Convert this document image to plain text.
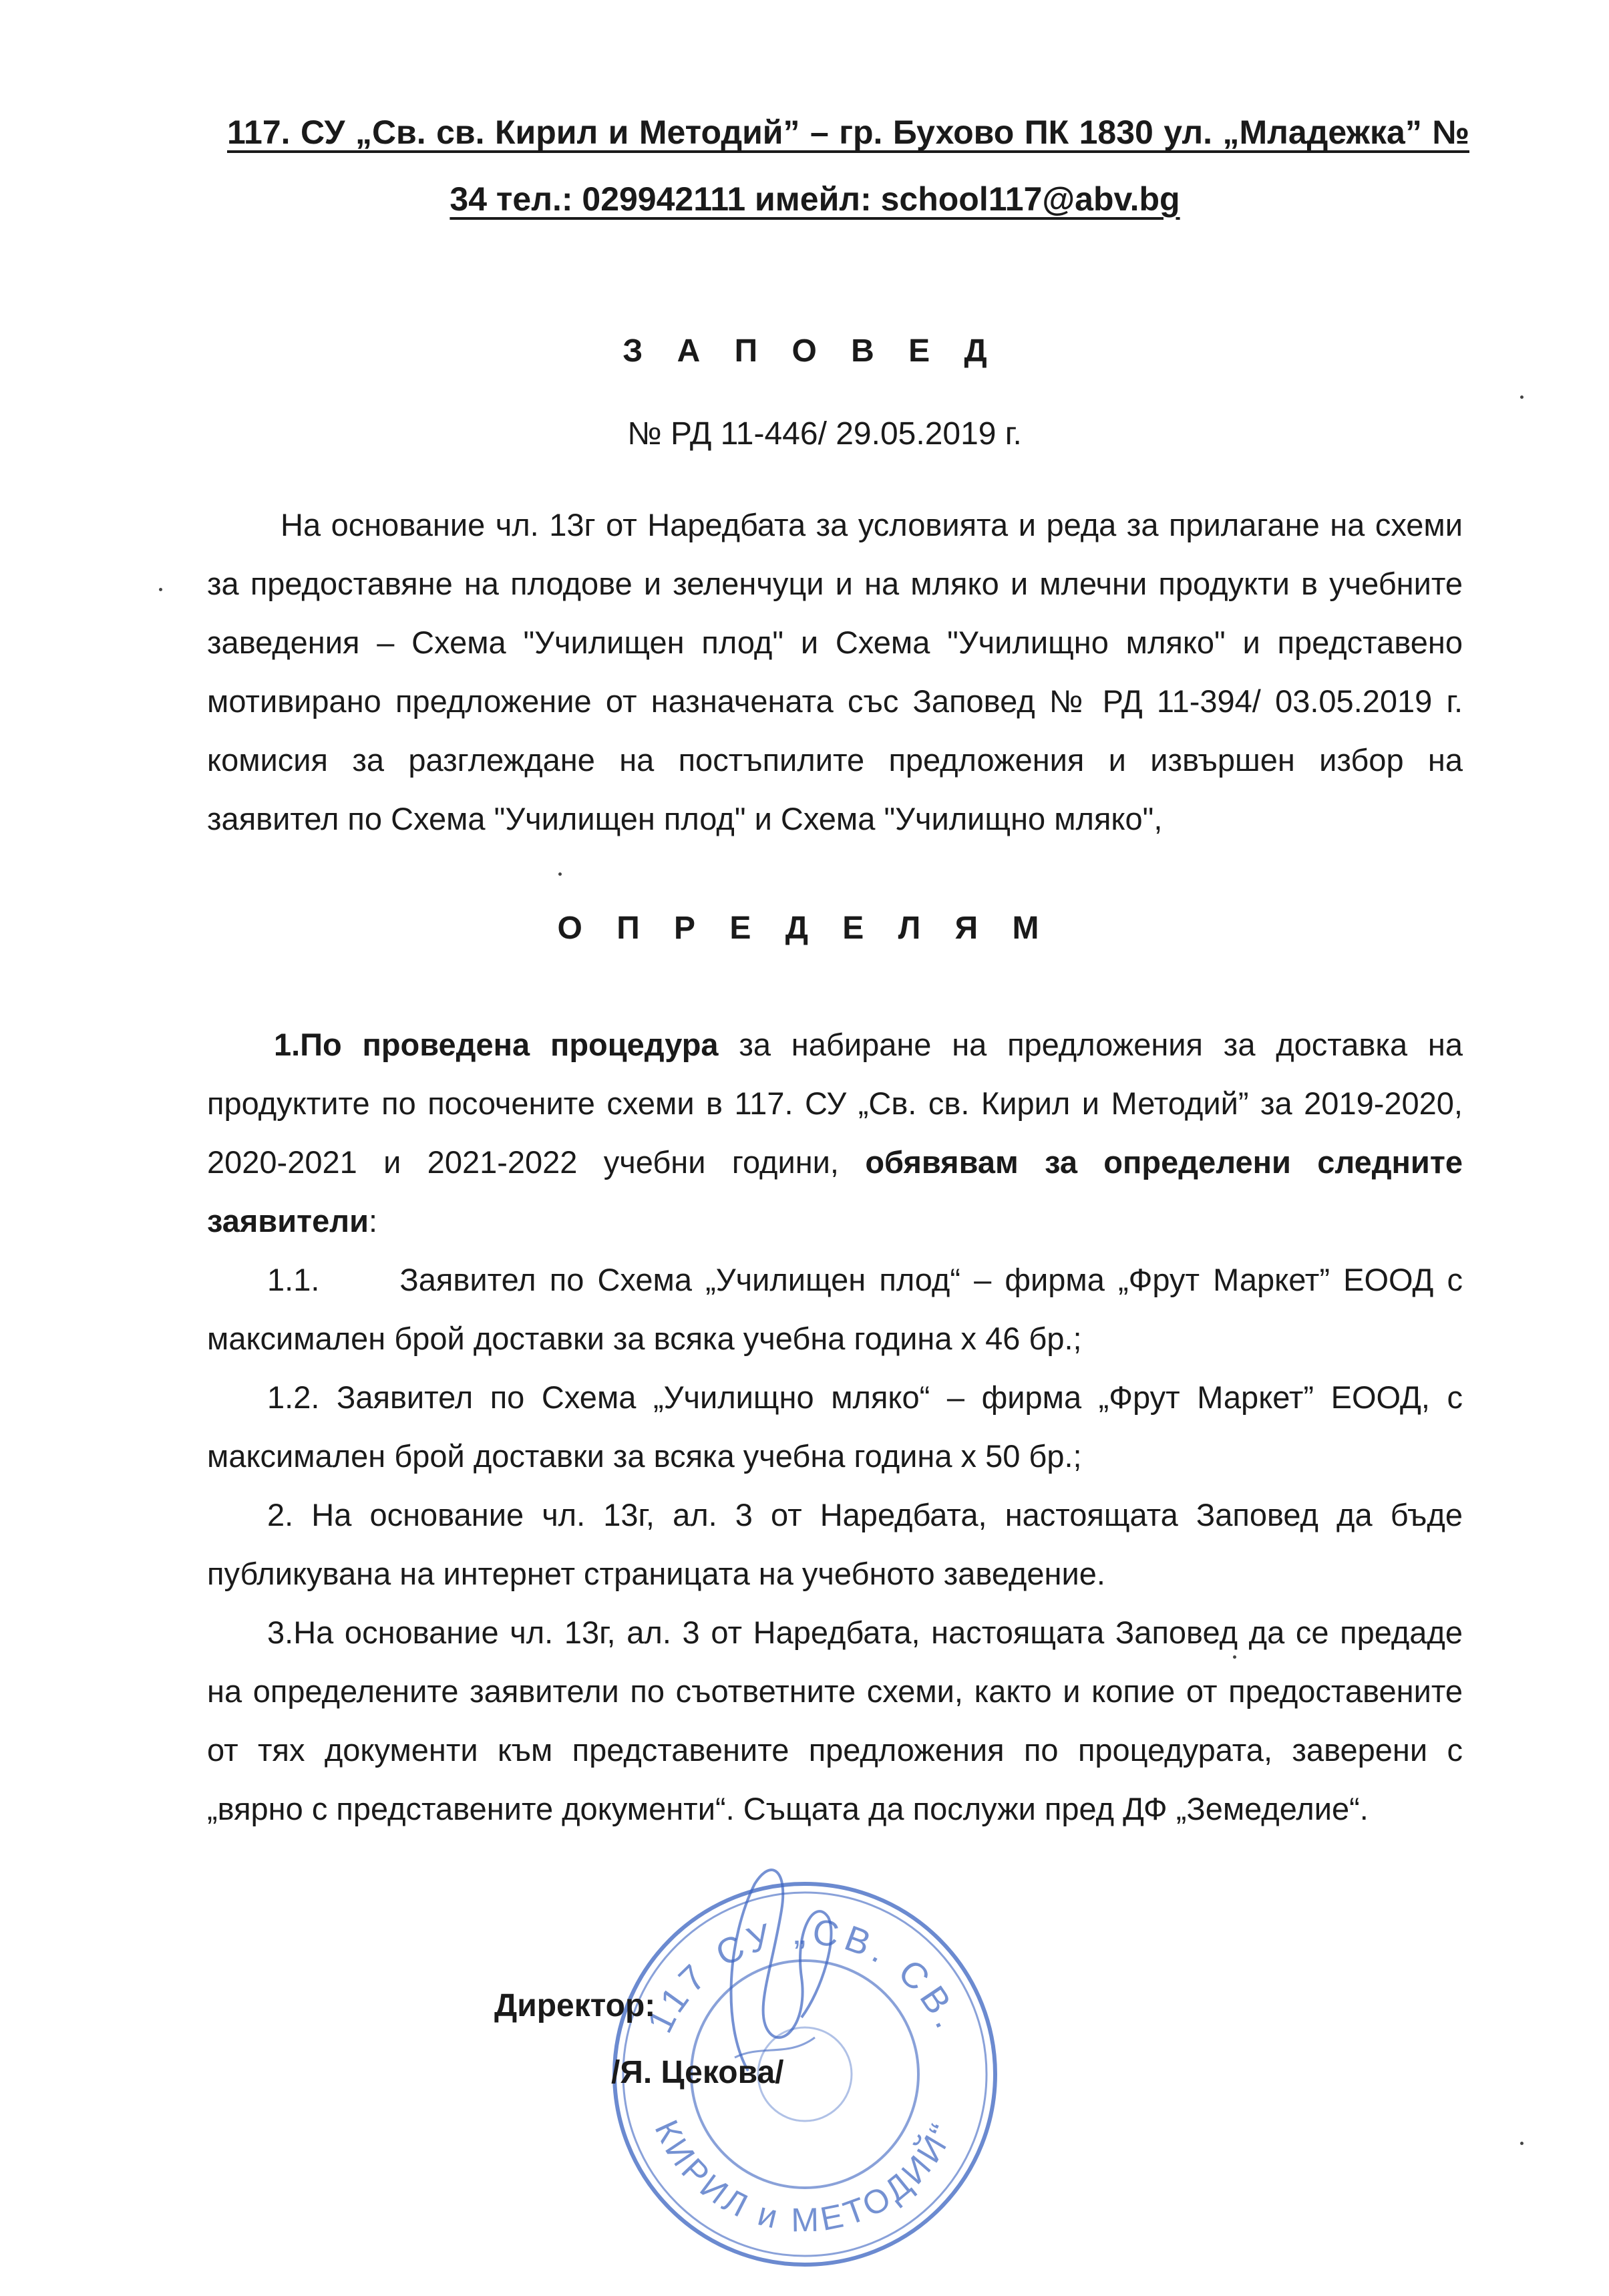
117. СУ „Св. св. Кирил и Методий” – гр. Бухово ПК 1830 ул. „Младежка” №
34 тел.: 029942111 имейл: school117@abv.bg
З А П О В Е Д
№ РД 11-446/ 29.05.2019 г.
На основание чл. 13г от Наредбата за условията и реда за прилагане на схеми за предоставяне на плодове и зеленчуци и на мляко и млечни продукти в учебните заведения – Схема "Училищен плод" и Схема "Училищно мляко" и представено мотивирано предложение от назначената със Заповед № РД 11-394/ 03.05.2019 г. комисия за разглеждане на постъпилите предложения и извършен избор на заявител по Схема "Училищен плод" и Схема "Училищно мляко",
О П Р Е Д Е Л Я М

1.По проведена процедура за набиране на предложения за доставка на продуктите по посочените схеми в 117. СУ „Св. св. Кирил и Методий” за 2019-2020, 2020-2021 и 2021-2022 учебни години, обявявам за определени следните заявители:

1.1.	Заявител по Схема „Училищен плод“ – фирма „Фрут Маркет” ЕООД с максимален брой доставки за всяка учебна година х 46 бр.;

1.2. Заявител по Схема „Училищно мляко“ – фирма „Фрут Маркет” ЕООД, с максимален брой доставки за всяка учебна година х 50 бр.;

2. На основание чл. 13г, ал. 3 от Наредбата, настоящата Заповед да бъде публикувана на интернет страницата на учебното заведение.

3.На основание чл. 13г, ал. 3 от Наредбата, настоящата Заповед да се предаде на определените заявители по съответните схеми, както и копие от предоставените от тях документи към представените предложения по процедурата, заверени с „вярно с представените документи“. Същата да послужи пред ДФ „Земеделие“.

117 СУ „СВ. СВ.
КИРИЛ и МЕТОДИЙ“
Директор:
/Я. Цекова/
